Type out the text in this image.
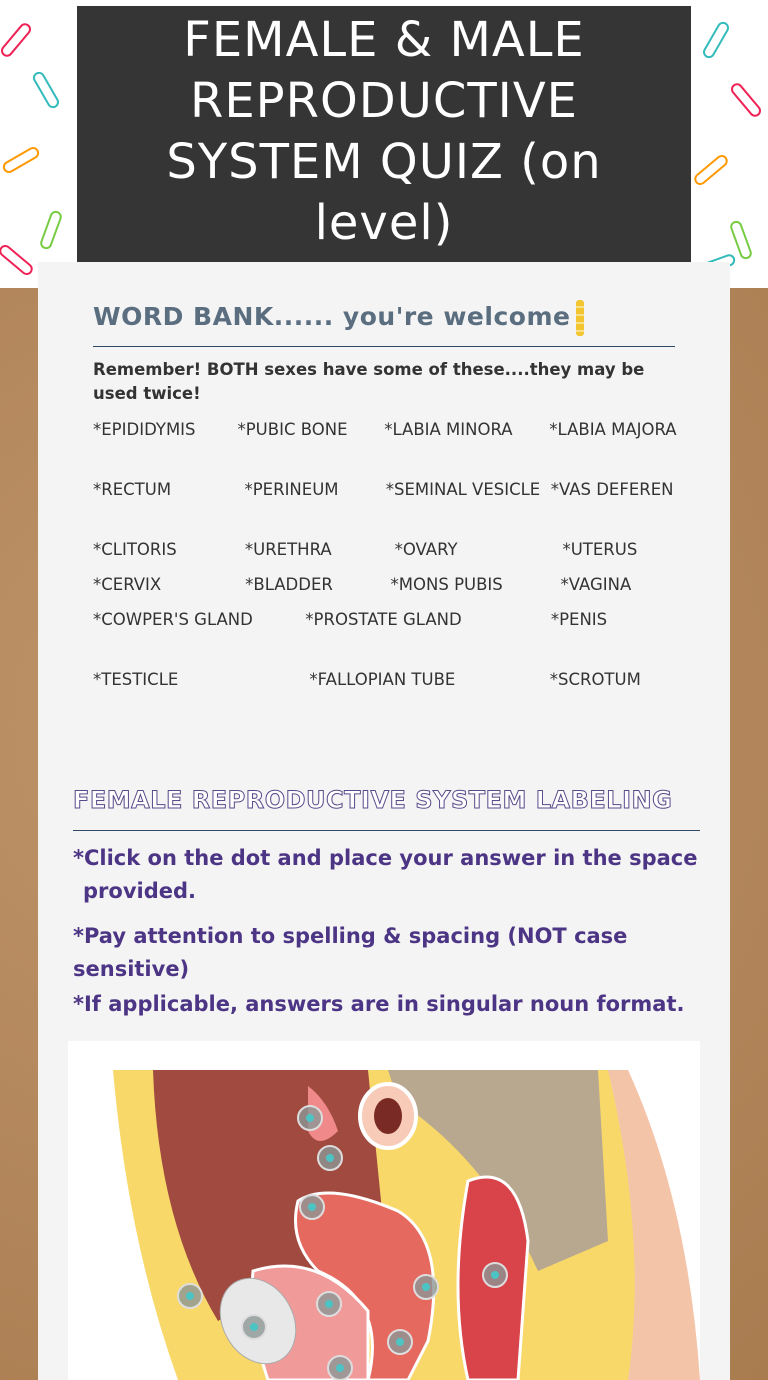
FEMALE & MALE REPRODUCTIVE SYSTEM QUIZ (on level)
WORD BANK...... you're welcome
Remember! BOTH sexes have some of these....they may be used twice!
*EPIDIDYMIS        *PUBIC BONE       *LABIA MINORA       *LABIA MAJORA
*RECTUM              *PERINEUM         *SEMINAL VESICLE  *VAS DEFEREN
*CLITORIS             *URETHRA            *OVARY                    *UTERUS
*CERVIX                *BLADDER           *MONS PUBIS           *VAGINA
*COWPER'S GLAND          *PROSTATE GLAND                 *PENIS
*TESTICLE                         *FALLOPIAN TUBE                  *SCROTUM
FEMALE REPRODUCTIVE SYSTEM LABELING
*Click on the dot and place your answer in the space provided.
*Pay attention to spelling & spacing (NOT case sensitive)
*If applicable, answers are in singular noun format.
